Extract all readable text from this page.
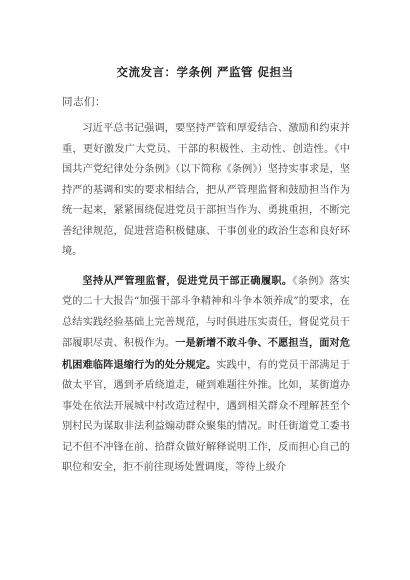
交流发言：学条例 严监管 促担当
同志们：

习近平总书记强调，要坚持严管和厚爱结合、激励和约束并重，更好激发广大党员、干部的积极性、主动性、创造性。《中国共产党纪律处分条例》（以下简称《条例》）坚持实事求是，坚持严的基调和实的要求相结合，把从严管理监督和鼓励担当作为统一起来，紧紧围绕促进党员干部担当作为、勇挑重担，不断完善纪律规范，促进营造积极健康、干事创业的政治生态和良好环境。

坚持从严管理监督，促进党员干部正确履职。《条例》落实党的二十大报告“加强干部斗争精神和斗争本领养成”的要求，在总结实践经验基础上完善规范，与时俱进压实责任，督促党员干部履职尽责、积极作为。一是新增不敢斗争、不愿担当，面对危机困难临阵退缩行为的处分规定。实践中，有的党员干部满足于做太平官，遇到矛盾绕道走，碰到难题往外推。比如，某街道办事处在依法开展城中村改造过程中，遇到相关群众不理解甚至个别村民为谋取非法利益煽动群众聚集的情况。时任街道党工委书记不但不冲锋在前、拾群众做好解释说明工作，反而担心自己的职位和安全，拒不前往现场处置调度，等待上级介
